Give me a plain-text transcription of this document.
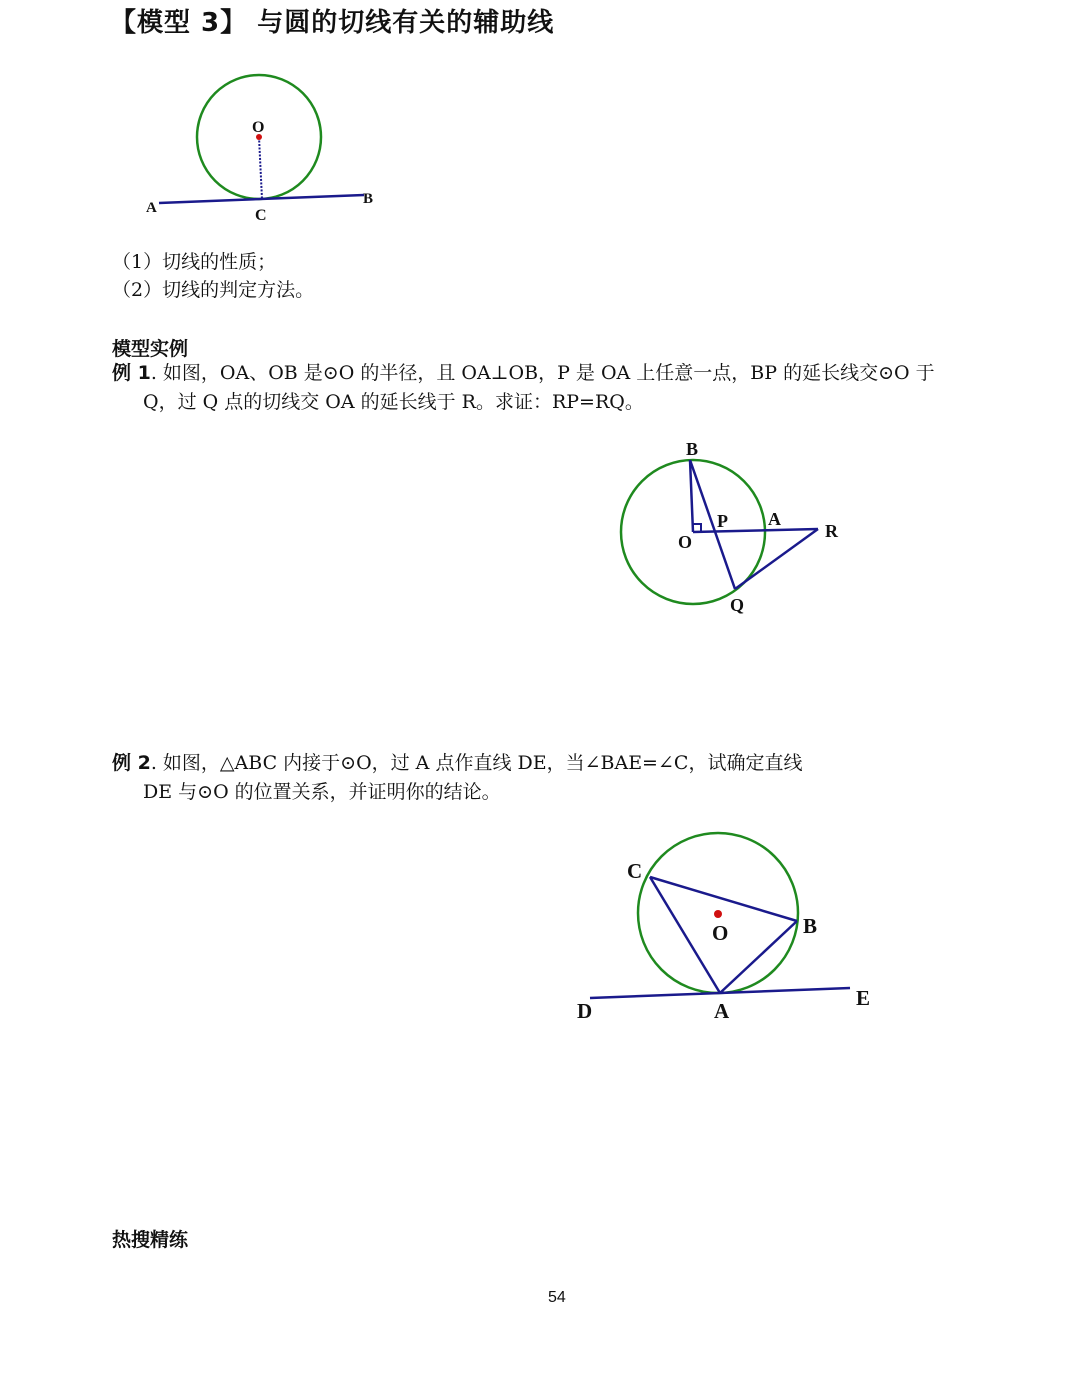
【模型 3】 与圆的切线有关的辅助线
O
A
B
C
（1）切线的性质；
（2）切线的判定方法。
模型实例
例 1. 如图，OA、OB 是⊙O 的半径，且 OA⊥OB，P 是 OA 上任意一点，BP 的延长线交⊙O 于
Q，过 Q 点的切线交 OA 的延长线于 R。求证：RP=RQ。
B
P A
O
R
Q
例 2. 如图，△ABC 内接于⊙O，过 A 点作直线 DE，当∠BAE=∠C，试确定直线
DE 与⊙O 的位置关系，并证明你的结论。
C
O	B
D	A
E
热搜精练
54
